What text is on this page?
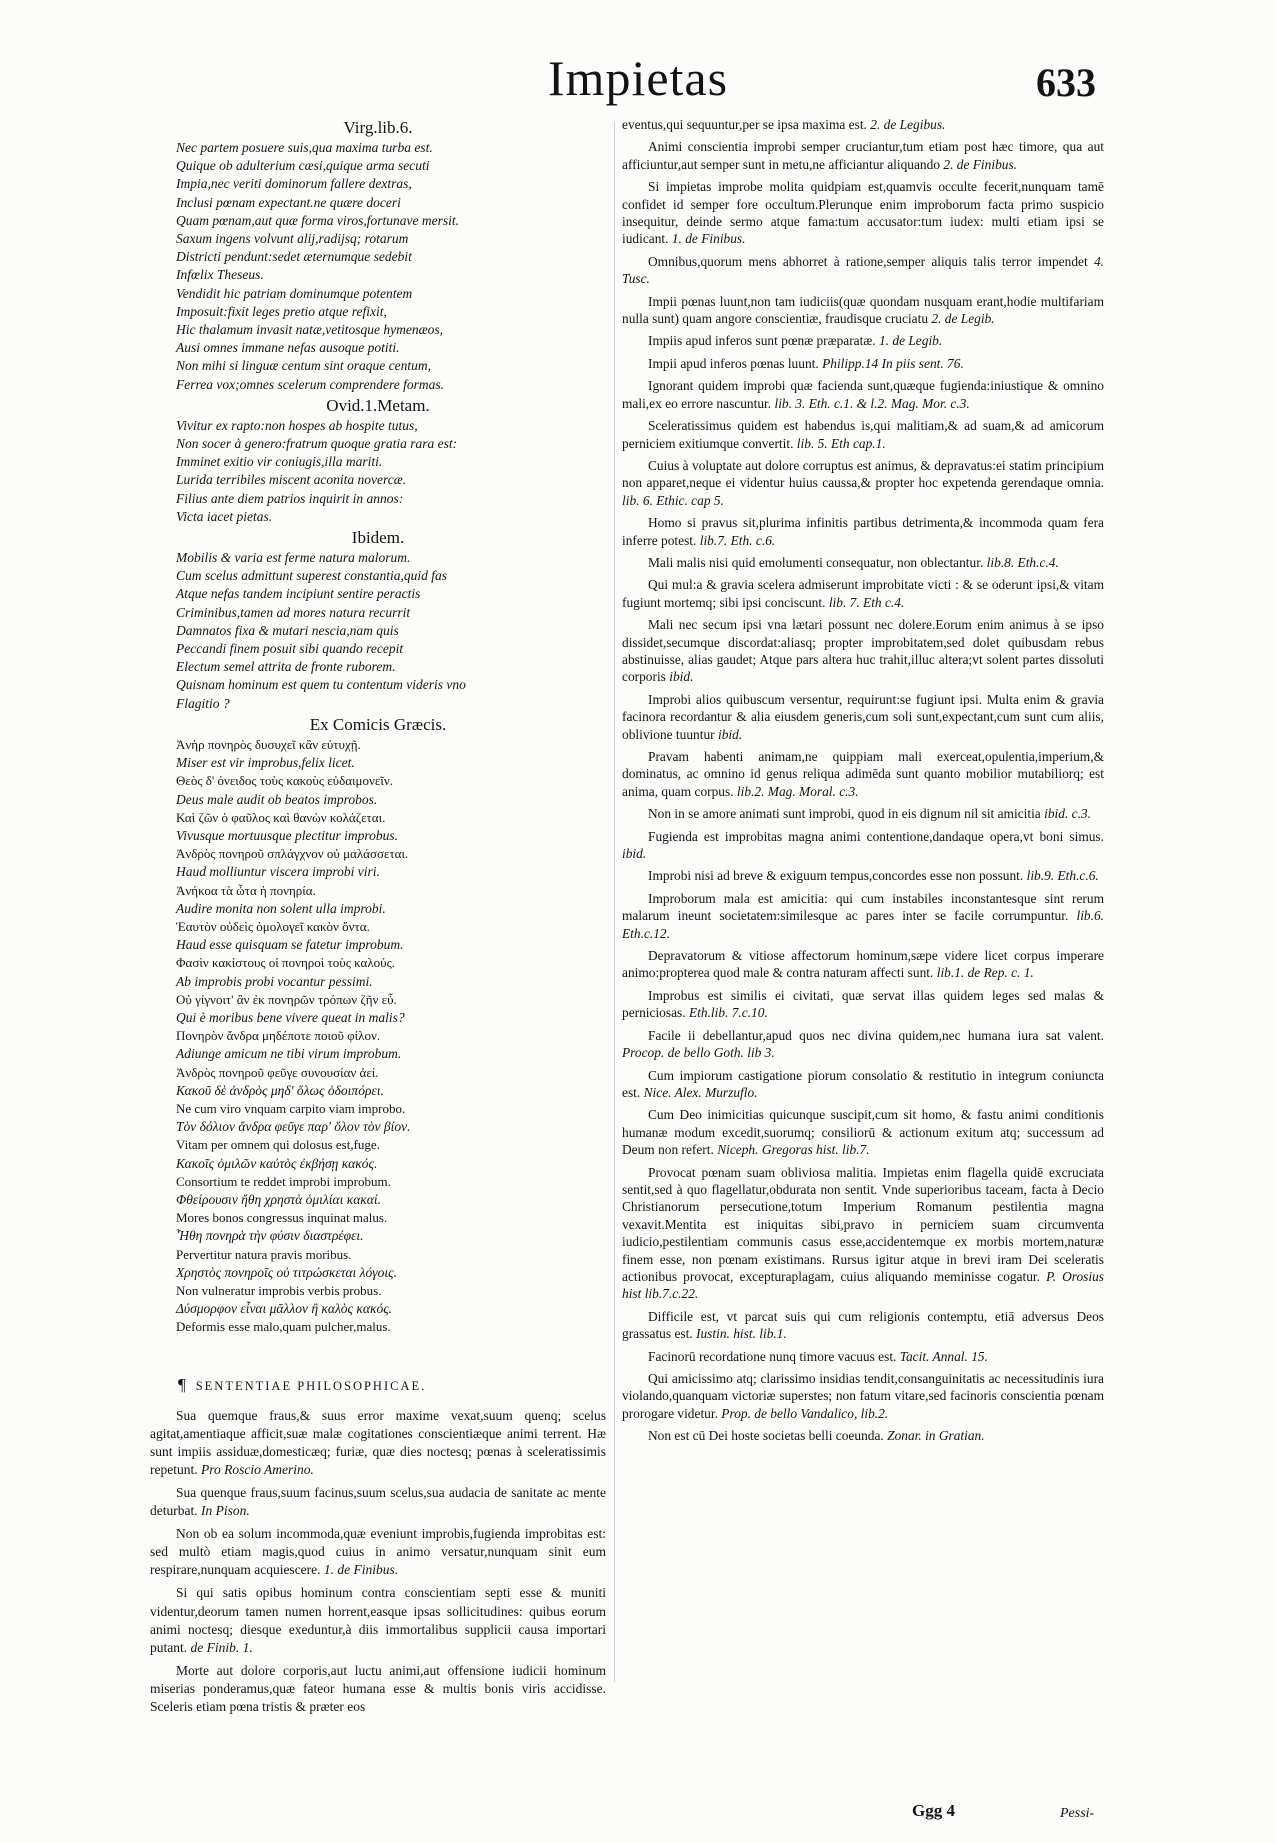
Impietas	633
Virg.lib.6.
Nec partem posuere suis,qua maxima turba est.
Quique ob adulterium cæsi,quique arma secuti
Impia,nec veriti dominorum fallere dextras,
Inclusi pœnam expectant.ne quære doceri
Quam pœnam,aut quæ forma viros,fortunave mersit.
Saxum ingens volvunt alij,radijsq; rotarum
Districti pendunt:sedet æternumque sedebit
Infœlix Theseus.
Vendidit hic patriam dominumque potentem
Imposuit:fixit leges pretio atque refixit,
Hic thalamum invasit natæ,vetitosque hymenæos,
Ausi omnes immane nefas ausoque potiti.
Non mihi si linguæ centum sint oraque centum,
Ferrea vox;omnes scelerum comprendere formas.
Ovid.1.Metam.
Vivitur ex rapto:non hospes ab hospite tutus,
Non socer à genero:fratrum quoque gratia rara est:
Imminet exitio vir coniugis,illa mariti.
Lurida terribiles miscent aconita novercæ.
Filius ante diem patrios inquirit in annos:
Victa iacet pietas.
Ibidem.
Mobilis & varia est ferme natura malorum.
Cum scelus admittunt superest constantia,quid fas
Atque nefas tandem incipiunt sentire peractis
Criminibus,tamen ad mores natura recurrit
Damnatos fixa & mutari nescia,nam quis
Peccandi finem posuit sibi quando recepit
Electum semel attrita de fronte ruborem.
Quisnam hominum est quem tu contentum videris vno
Flagitio ?
Ex Comicis Græcis.
Ἀνὴρ πονηρὸς δυσυχεῖ κἂν εὐτυχῇ.
Miser est vir improbus,felix licet.
Θεὸς δ' ὀνειδος τοὺς κακοὺς εὐδαιμονεῖν.
Deus male audit ob beatos improbos.
Καὶ ζῶν ὁ φαῦλος καὶ θανὼν κολάζεται.
Vivusque mortuusque plectitur improbus.
Ἀνδρὸς πονηροῦ σπλάγχνον οὐ μαλάσσεται.
Haud molliuntur viscera improbi viri.
Ἀνήκοα τὰ ὦτα ἡ πονηρία.
Audire monita non solent ulla improbi.
Ἑαυτὸν οὐδεὶς ὁμολογεῖ κακὸν ὄντα.
Haud esse quisquam se fatetur improbum.
Φασὶν κακίστους οἱ πονηροὶ τοὺς καλούς.
Ab improbis probi vocantur pessimi.
Οὐ γίγνοιτ' ἂν ἐκ πονηρῶν τρόπων ζῆν εὖ.
Qui è moribus bene vivere queat in malis?
Πονηρὸν ἄνδρα μηδέποτε ποιοῦ φίλον.
Adiunge amicum ne tibi virum improbum.
Ἀνδρὸς πονηροῦ φεῦγε συνουσίαν ἀεί.
Κακοῦ δὲ ἀνδρὸς μηδ' ὅλως ὁδοιπόρει.
Ne cum viro vnquam carpito viam improbo.
Τὸν δόλιον ἄνδρα φεῦγε παρ' ὅλον τὸν βίον.
Vitam per omnem qui dolosus est,fuge.
Κακοῖς ὁμιλῶν καὐτὸς ἐκβήσῃ κακός.
Consortium te reddet improbi improbum.
Φθείρουσιν ἤθη χρηστὰ ὁμιλίαι κακαί.
Mores bonos congressus inquinat malus.
Ἦθη πονηρὰ τὴν φύσιν διαστρέφει.
Pervertitur natura pravis moribus.
Χρηστὸς πονηροῖς οὐ τιτρώσκεται λόγοις.
Non vulneratur improbis verbis probus.
Δύσμορφον εἶναι μᾶλλον ἢ καλὸς κακός.
Deformis esse malo,quam pulcher,malus.
¶ SENTENTIAE PHILOSOPHICAE.

Sua quemque fraus,& suus error maxime vexat,suum quenq; scelus agitat,amentiaque afficit,suæ malæ cogitationes conscientiæque animi terrent. Hæ sunt impiis assiduæ,domesticæq; furiæ, quæ dies noctesq; pœnas à sceleratissimis repetunt. Pro Roscio Amerino.

Sua quenque fraus,suum facinus,suum scelus,sua audacia de sanitate ac mente deturbat. In Pison.

Non ob ea solum incommoda,quæ eveniunt improbis,fugienda improbitas est: sed multò etiam magis,quod cuius in animo versatur,nunquam sinit eum respirare,nunquam acquiescere. 1. de Finibus.

Si qui satis opibus hominum contra conscientiam septi esse & muniti videntur,deorum tamen numen horrent,easque ipsas sollicitudines: quibus eorum animi noctesq; diesque exeduntur,à diis immortalibus supplicii causa importari putant. de Finib. 1.

Morte aut dolore corporis,aut luctu animi,aut offensione iudicii hominum miserias ponderamus,quæ fateor humana esse & multis bonis viris accidisse. Sceleris etiam pœna tristis & præter eos

eventus,qui sequuntur,per se ipsa maxima est. 2. de Legibus.

Animi conscientia improbi semper cruciantur,tum etiam post hæc timore, qua aut afficiuntur,aut semper sunt in metu,ne afficiantur aliquando 2. de Finibus.

Si impietas improbe molita quidpiam est,quamvis occulte fecerit,nunquam tamē confidet id semper fore occultum.Plerunque enim improborum facta primo suspicio insequitur, deinde sermo atque fama:tum accusator:tum iudex: multi etiam ipsi se iudicant. 1. de Finibus.

Omnibus,quorum mens abhorret à ratione,semper aliquis talis terror impendet 4. Tusc.

Impii pœnas luunt,non tam iudiciis(quæ quondam nusquam erant,hodie multifariam nulla sunt) quam angore conscientiæ, fraudisque cruciatu 2. de Legib.

Impiis apud inferos sunt pœnæ præparatæ. 1. de Legib.

Impii apud inferos pœnas luunt. Philipp.14 In piis sent. 76.

Ignorant quidem improbi quæ facienda sunt,quæque fugienda:iniustique & omnino mali,ex eo errore nascuntur. lib. 3. Eth. c.1. & l.2. Mag. Mor. c.3.

Sceleratissimus quidem est habendus is,qui malitiam,& ad suam,& ad amicorum perniciem exitiumque convertit. lib. 5. Eth cap.1.

Cuius à voluptate aut dolore corruptus est animus, & depravatus:ei statim principium non apparet,neque ei videntur huius caussa,& propter hoc expetenda gerendaque omnia. lib. 6. Ethic. cap 5.

Homo si pravus sit,plurima infinitis partibus detrimenta,& incommoda quam fera inferre potest. lib.7. Eth. c.6.

Mali malis nisi quid emolumenti consequatur, non oblectantur. lib.8. Eth.c.4.

Qui mul:a & gravia scelera admiserunt improbitate victi : & se oderunt ipsi,& vitam fugiunt mortemq; sibi ipsi conciscunt. lib. 7. Eth c.4.

Mali nec secum ipsi vna lætari possunt nec dolere.Eorum enim animus à se ipso dissidet,secumque discordat:aliasq; propter improbitatem,sed dolet quibusdam rebus abstinuisse, alias gaudet; Atque pars altera huc trahit,illuc altera;vt solent partes dissoluti corporis ibid.

Improbi alios quibuscum versentur, requirunt:se fugiunt ipsi. Multa enim & gravia facinora recordantur & alia eiusdem generis,cum soli sunt,expectant,cum sunt cum aliis, oblivione tuuntur ibid.

Pravam habenti animam,ne quippiam mali exerceat,opulentia,imperium,& dominatus, ac omnino id genus reliqua adimēda sunt quanto mobilior mutabiliorq; est anima, quam corpus. lib.2. Mag. Moral. c.3.

Non in se amore animati sunt improbi, quod in eis dignum nil sit amicitia ibid. c.3.

Fugienda est improbitas magna animi contentione,dandaque opera,vt boni simus. ibid.

Improbi nisi ad breve & exiguum tempus,concordes esse non possunt. lib.9. Eth.c.6.

Improborum mala est amicitia: qui cum instabiles inconstantesque sint rerum malarum ineunt societatem:similesque ac pares inter se facile corrumpuntur. lib.6. Eth.c.12.

Depravatorum & vitiose affectorum hominum,sæpe videre licet corpus imperare animo:propterea quod male & contra naturam affecti sunt. lib.1. de Rep. c. 1.

Improbus est similis ei civitati, quæ servat illas quidem leges sed malas & perniciosas. Eth.lib. 7.c.10.

Facile ii debellantur,apud quos nec divina quidem,nec humana iura sat valent. Procop. de bello Goth. lib 3.

Cum impiorum castigatione piorum consolatio & restitutio in integrum coniuncta est. Nice. Alex. Murzuflo.

Cum Deo inimicitias quicunque suscipit,cum sit homo, & fastu animi conditionis humanæ modum excedit,suorumq; consiliorū & actionum exitum atq; successum ad Deum non refert. Niceph. Gregoras hist. lib.7.

Provocat pœnam suam obliviosa malitia. Impietas enim flagella quidē excruciata sentit,sed à quo flagellatur,obdurata non sentit. Vnde superioribus taceam, facta à Decio Christianorum persecutione,totum Imperium Romanum pestilentia magna vexavit.Mentita est iniquitas sibi,pravo in perniciem suam circumventa iudicio,pestilentiam communis casus esse,accidentemque ex morbis mortem,naturæ finem esse, non pœnam existimans. Rursus igitur atque in brevi iram Dei sceleratis actionibus provocat, excepturaplagam, cuius aliquando meminisse cogatur. P. Orosius hist lib.7.c.22.

Difficile est, vt parcat suis qui cum religionis contemptu, etiā adversus Deos grassatus est. Iustin. hist. lib.1.

Facinorū recordatione nunq timore vacuus est. Tacit. Annal. 15.

Qui amicissimo atq; clarissimo insidias tendit,consanguinitatis ac necessitudinis iura violando,quanquam victoriæ superstes; non fatum vitare,sed facinoris conscientia pœnam prorogare videtur. Prop. de bello Vandalico, lib.2.

Non est cū Dei hoste societas belli coeunda. Zonar. in Gratian.

Ggg 4	Pessi-
